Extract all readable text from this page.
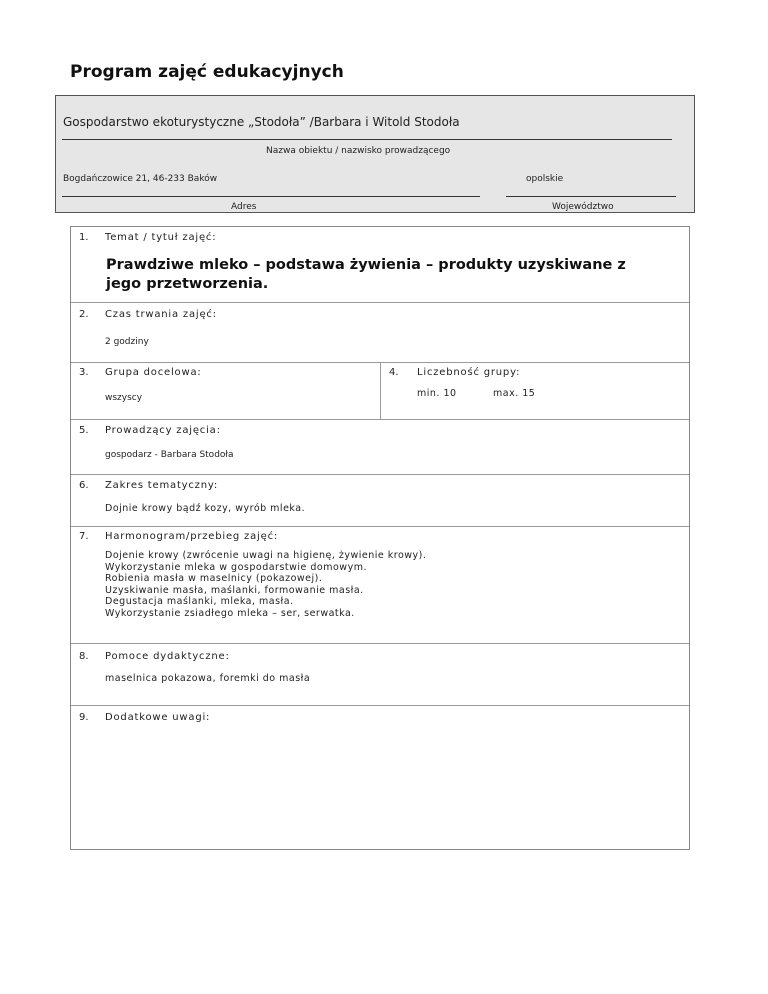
Program zajęć edukacyjnych
Gospodarstwo ekoturystyczne „Stodoła” /Barbara i Witold Stodoła
Nazwa obiektu / nazwisko prowadzącego
Bogdańczowice 21, 46-233 Baków
Adres
opolskie
Województwo
1. Temat / tytuł zajęć:
Prawdziwe mleko – podstawa żywienia – produkty uzyskiwane z jego przetworzenia.
2. Czas trwania zajęć:
2 godziny
3. Grupa docelowa:
wszyscy
4. Liczebność grupy:
min. 10	max. 15
5. Prowadzący zajęcia:
gospodarz - Barbara Stodoła
6. Zakres tematyczny:
Dojnie krowy bądź kozy, wyrób mleka.
7. Harmonogram/przebieg zajęć:
Dojenie krowy (zwrócenie uwagi na higienę, żywienie krowy).
Wykorzystanie mleka w gospodarstwie domowym.
Robienia masła w maselnicy (pokazowej).
Uzyskiwanie masła, maślanki, formowanie masła.
Degustacja maślanki, mleka, masła.
Wykorzystanie zsiadłego mleka – ser, serwatka.
8. Pomoce dydaktyczne:
maselnica pokazowa, foremki do masła
9. Dodatkowe uwagi:
